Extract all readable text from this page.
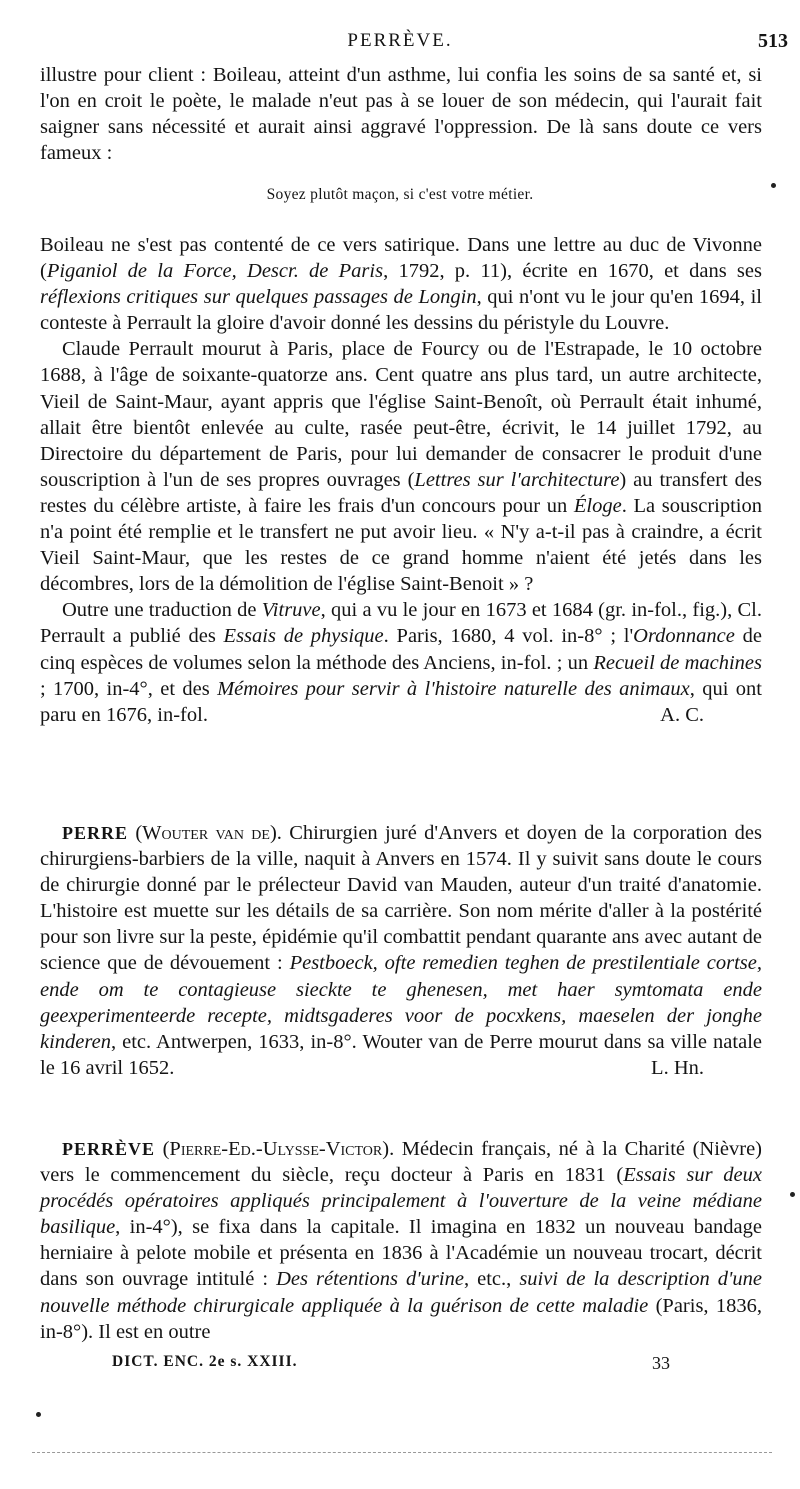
PERRÈVE.	513

illustre pour client : Boileau, atteint d'un asthme, lui confia les soins de sa santé et, si l'on en croit le poète, le malade n'eut pas à se louer de son médecin, qui l'aurait fait saigner sans nécessité et aurait ainsi aggravé l'oppression. De là sans doute ce vers fameux :

Soyez plutôt maçon, si c'est votre métier.

Boileau ne s'est pas contenté de ce vers satirique. Dans une lettre au duc de Vivonne (Piganiol de la Force, Descr. de Paris, 1792, p. 11), écrite en 1670, et dans ses réflexions critiques sur quelques passages de Longin, qui n'ont vu le jour qu'en 1694, il conteste à Perrault la gloire d'avoir donné les dessins du péristyle du Louvre.

Claude Perrault mourut à Paris, place de Fourcy ou de l'Estrapade, le 10 octobre 1688, à l'âge de soixante-quatorze ans. Cent quatre ans plus tard, un autre architecte, Vieil de Saint-Maur, ayant appris que l'église Saint-Benoît, où Perrault était inhumé, allait être bientôt enlevée au culte, rasée peut-être, écrivit, le 14 juillet 1792, au Directoire du département de Paris, pour lui demander de consacrer le produit d'une souscription à l'un de ses propres ouvrages (Lettres sur l'architecture) au transfert des restes du célèbre artiste, à faire les frais d'un concours pour un Éloge. La souscription n'a point été remplie et le transfert ne put avoir lieu. « N'y a-t-il pas à craindre, a écrit Vieil Saint-Maur, que les restes de ce grand homme n'aient été jetés dans les décombres, lors de la démolition de l'église Saint-Benoit » ?

Outre une traduction de Vitruve, qui a vu le jour en 1673 et 1684 (gr. in-fol., fig.), Cl. Perrault a publié des Essais de physique. Paris, 1680, 4 vol. in-8° ; l'Ordonnance de cinq espèces de volumes selon la méthode des Anciens, in-fol. ; un Recueil de machines ; 1700, in-4°, et des Mémoires pour servir à l'histoire naturelle des animaux, qui ont paru en 1676, in-fol.	A. C.

PERRE (Wouter van de). Chirurgien juré d'Anvers et doyen de la corporation des chirurgiens-barbiers de la ville, naquit à Anvers en 1574. Il y suivit sans doute le cours de chirurgie donné par le prélecteur David van Mauden, auteur d'un traité d'anatomie. L'histoire est muette sur les détails de sa carrière. Son nom mérite d'aller à la postérité pour son livre sur la peste, épidémie qu'il combattit pendant quarante ans avec autant de science que de dévouement : Pestboeck, ofte remedien teghen de prestilentiale cortse, ende om te contagieuse sieckte te ghenesen, met haer symtomata ende geexperimenteerde recepte, midtsgaderes voor de pocxkens, maeselen der jonghe kinderen, etc. Antwerpen, 1633, in-8°. Wouter van de Perre mourut dans sa ville natale le 16 avril 1652.	L. Hn.

PERRÈVE (Pierre-Ed.-Ulysse-Victor). Médecin français, né à la Charité (Nièvre) vers le commencement du siècle, reçu docteur à Paris en 1831 (Essais sur deux procédés opératoires appliqués principalement à l'ouverture de la veine médiane basilique, in-4°), se fixa dans la capitale. Il imagina en 1832 un nouveau bandage herniaire à pelote mobile et présenta en 1836 à l'Académie un nouveau trocart, décrit dans son ouvrage intitulé : Des rétentions d'urine, etc., suivi de la description d'une nouvelle méthode chirurgicale appliquée à la guérison de cette maladie (Paris, 1836, in-8°). Il est en outre

DICT. ENC. 2e s. XXIII.	33
